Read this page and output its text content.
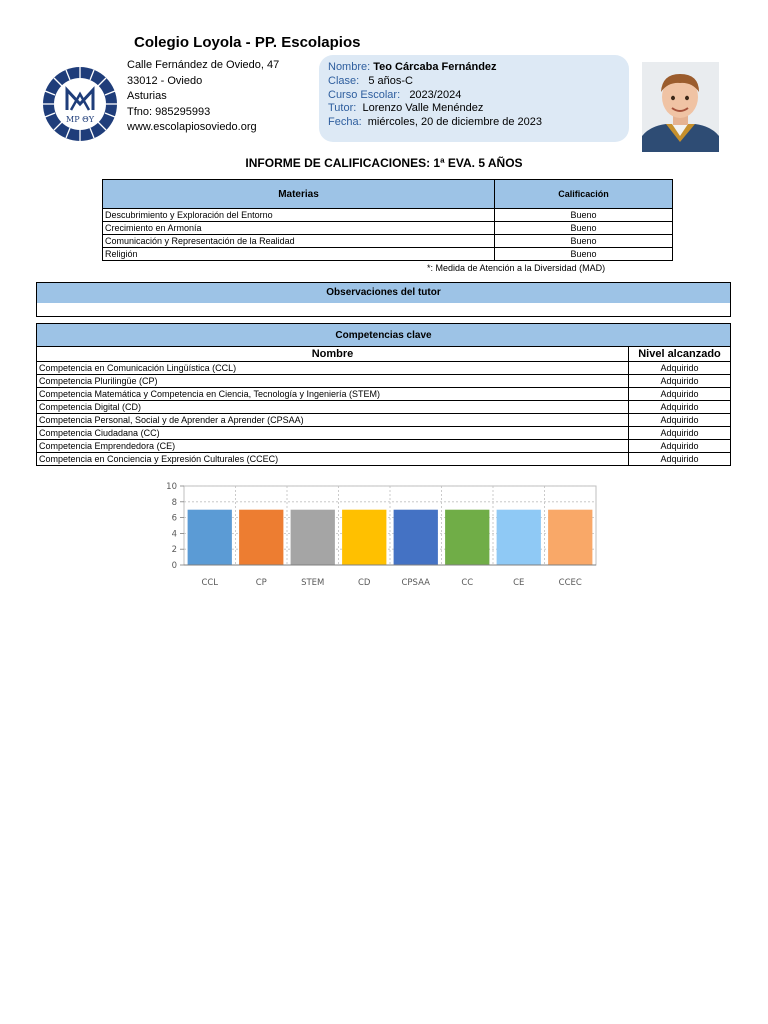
Colegio Loyola - PP. Escolapios
MP ΘΥ
Calle Fernández de Oviedo, 47
33012 - Oviedo
Asturias
Tfno: 985295993
www.escolapiosoviedo.org
Nombre: Teo Cárcaba Fernández
Clase: 5 años-C
Curso Escolar: 2023/2024
Tutor: Lorenzo Valle Menéndez
Fecha: miércoles, 20 de diciembre de 2023
INFORME DE CALIFICACIONES: 1ª EVA. 5 AÑOS
Materias	Calificación
Descubrimiento y Exploración del Entorno	Bueno
Crecimiento en Armonía	Bueno
Comunicación y Representación de la Realidad	Bueno
Religión	Bueno
*: Medida de Atención a la Diversidad (MAD)
Observaciones del tutor
Competencias clave	
Nombre	Nivel alcanzado
Competencia en Comunicación Lingüística (CCL)	Adquirido
Competencia Plurilingüe (CP)	Adquirido
Competencia Matemática y Competencia en Ciencia, Tecnología y Ingeniería (STEM)	Adquirido
Competencia Digital (CD)	Adquirido
Competencia Personal, Social y de Aprender a Aprender (CPSAA)	Adquirido
Competencia Ciudadana (CC)	Adquirido
Competencia Emprendedora (CE)	Adquirido
Competencia en Conciencia y Expresión Culturales (CCEC)	Adquirido
0
2
4
6
8
10
CCL	CP	STEM	CD	CPSAA	CC	CE	CCEC
